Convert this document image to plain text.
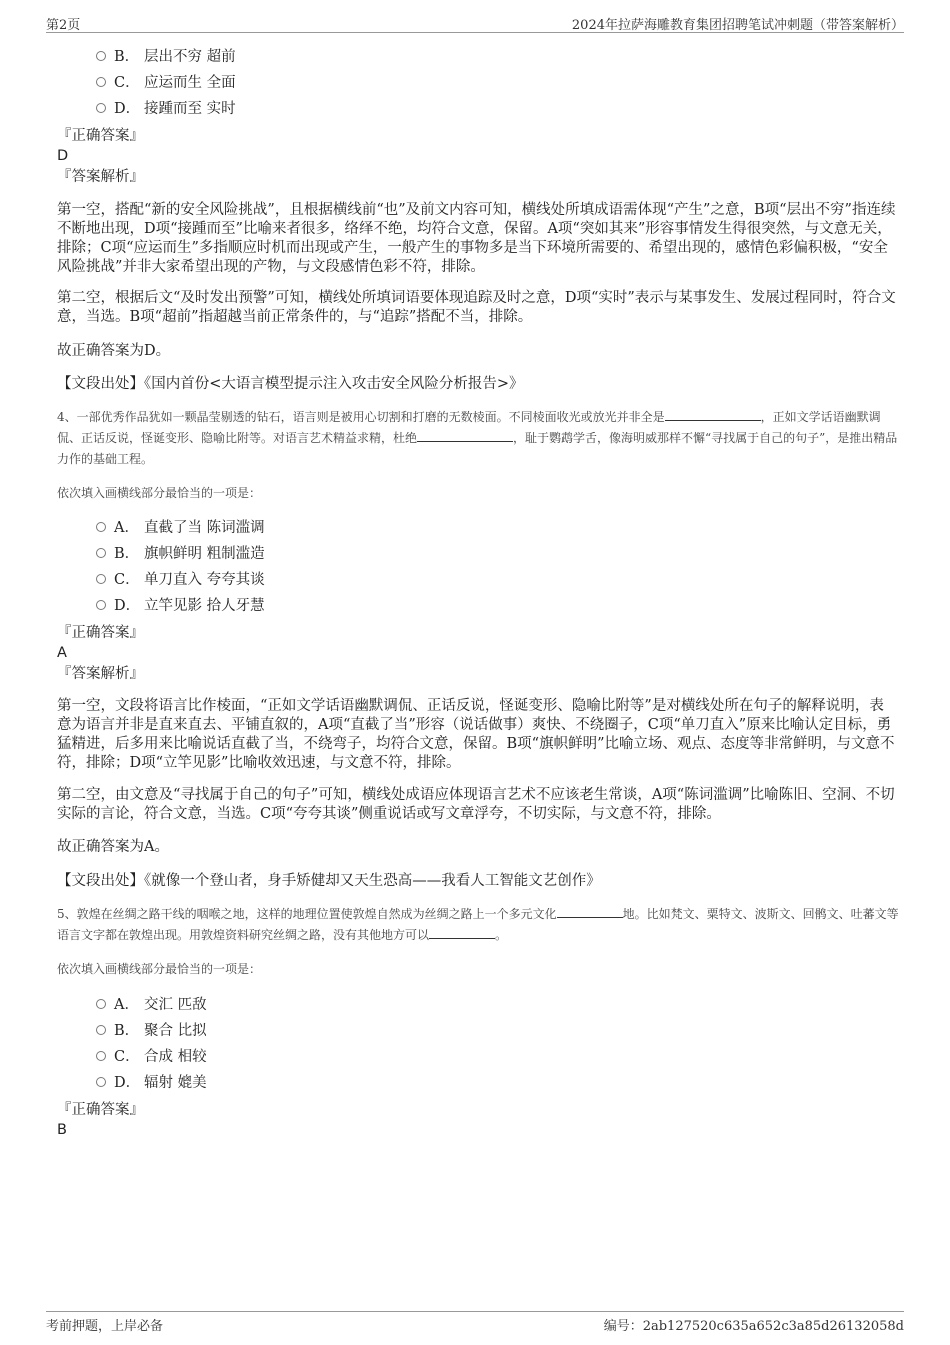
第2页	2024年拉萨海雕教育集团招聘笔试冲刺题（带答案解析）
B． 层出不穷 超前
C． 应运而生 全面
D． 接踵而至 实时
『正确答案』
D
『答案解析』
第一空，搭配“新的安全风险挑战”，且根据横线前“也”及前文内容可知，横线处所填成语需体现“产生”之意，B项“层出不穷”指连续不断地出现，D项“接踵而至”比喻来者很多，络绎不绝，均符合文意，保留。A项“突如其来”形容事情发生得很突然，与文意无关，排除；C项“应运而生”多指顺应时机而出现或产生，一般产生的事物多是当下环境所需要的、希望出现的，感情色彩偏积极，“安全风险挑战”并非大家希望出现的产物，与文段感情色彩不符，排除。
第二空，根据后文“及时发出预警”可知，横线处所填词语要体现追踪及时之意，D项“实时”表示与某事发生、发展过程同时，符合文意，当选。B项“超前”指超越当前正常条件的，与“追踪”搭配不当，排除。
故正确答案为D。
【文段出处】《国内首份<大语言模型提示注入攻击安全风险分析报告>》
4、一部优秀作品犹如一颗晶莹剔透的钻石，语言则是被用心切割和打磨的无数棱面。不同棱面收光或放光并非全是	，正如文学话语幽默调侃、正话反说，怪诞变形、隐喻比附等。对语言艺术精益求精，杜绝	，耻于鹦鹉学舌，像海明威那样不懈“寻找属于自己的句子”，是推出精品力作的基础工程。
依次填入画横线部分最恰当的一项是：
A． 直截了当 陈词滥调
B． 旗帜鲜明 粗制滥造
C． 单刀直入 夸夸其谈
D． 立竿见影 拾人牙慧
『正确答案』
A
『答案解析』
第一空，文段将语言比作棱面，“正如文学话语幽默调侃、正话反说，怪诞变形、隐喻比附等”是对横线处所在句子的解释说明，表意为语言并非是直来直去、平铺直叙的，A项“直截了当”形容（说话做事）爽快、不绕圈子，C项“单刀直入”原来比喻认定目标，勇猛精进，后多用来比喻说话直截了当，不绕弯子，均符合文意，保留。B项“旗帜鲜明”比喻立场、观点、态度等非常鲜明，与文意不符，排除；D项“立竿见影”比喻收效迅速，与文意不符，排除。
第二空，由文意及“寻找属于自己的句子”可知，横线处成语应体现语言艺术不应该老生常谈，A项“陈词滥调”比喻陈旧、空洞、不切实际的言论，符合文意，当选。C项“夸夸其谈”侧重说话或写文章浮夸，不切实际，与文意不符，排除。
故正确答案为A。
【文段出处】《就像一个登山者，身手矫健却又天生恐高——我看人工智能文艺创作》
5、敦煌在丝绸之路干线的咽喉之地，这样的地理位置使敦煌自然成为丝绸之路上一个多元文化	地。比如梵文、粟特文、波斯文、回鹘文、吐蕃文等语言文字都在敦煌出现。用敦煌资料研究丝绸之路，没有其他地方可以	。
依次填入画横线部分最恰当的一项是：
A． 交汇 匹敌
B． 聚合 比拟
C． 合成 相较
D． 辐射 媲美
『正确答案』
B
考前押题，上岸必备	编号：2ab127520c635a652c3a85d26132058d
